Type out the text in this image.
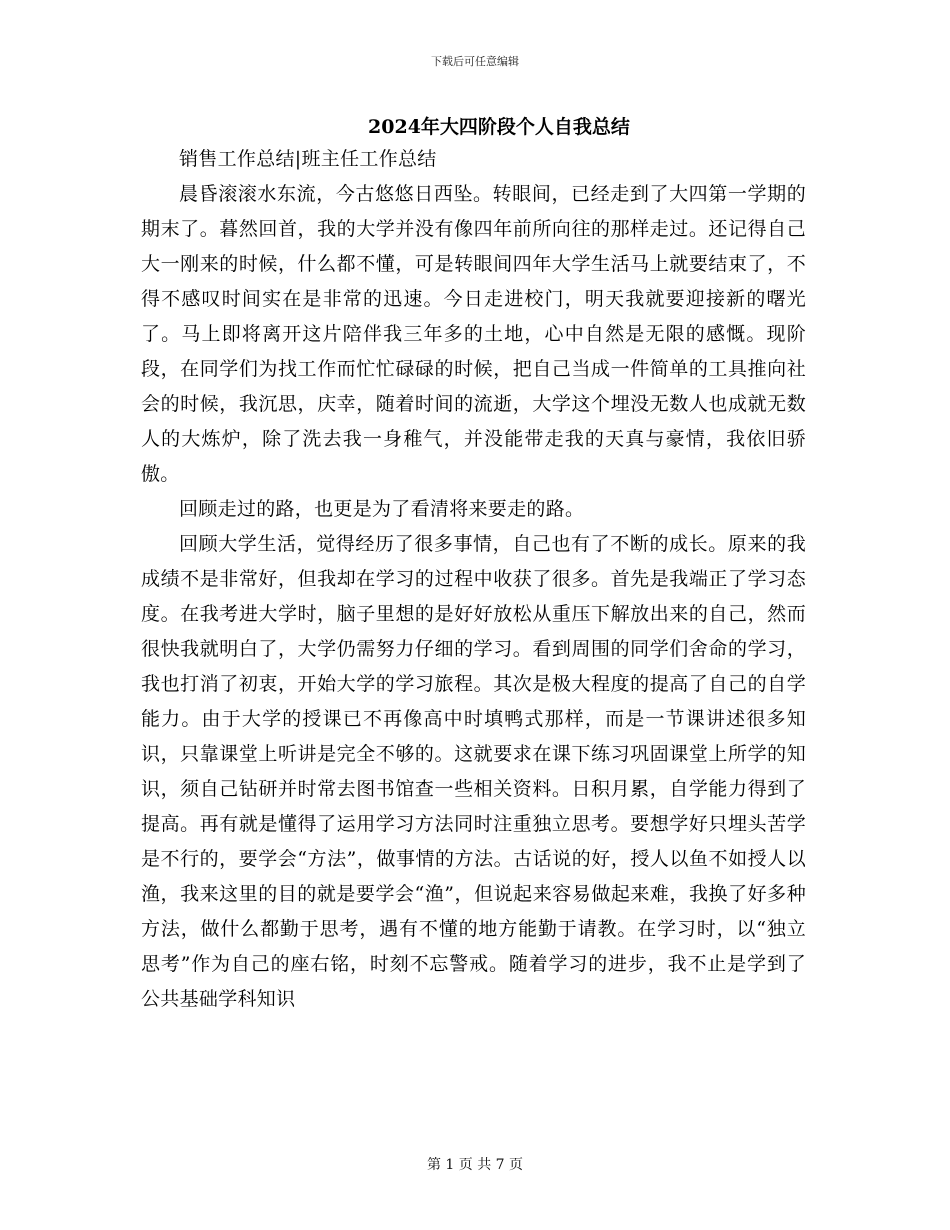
下载后可任意编辑
2024年大四阶段个人自我总结

销售工作总结|班主任工作总结

晨昏滚滚水东流，今古悠悠日西坠。转眼间，已经走到了大四第一学期的期末了。暮然回首，我的大学并没有像四年前所向往的那样走过。还记得自己大一刚来的时候，什么都不懂，可是转眼间四年大学生活马上就要结束了，不得不感叹时间实在是非常的迅速。今日走进校门，明天我就要迎接新的曙光了。马上即将离开这片陪伴我三年多的土地，心中自然是无限的感慨。现阶段，在同学们为找工作而忙忙碌碌的时候，把自己当成一件简单的工具推向社会的时候，我沉思，庆幸，随着时间的流逝，大学这个埋没无数人也成就无数人的大炼炉，除了洗去我一身稚气，并没能带走我的天真与豪情，我依旧骄傲。

回顾走过的路，也更是为了看清将来要走的路。

回顾大学生活，觉得经历了很多事情，自己也有了不断的成长。原来的我成绩不是非常好，但我却在学习的过程中收获了很多。首先是我端正了学习态度。在我考进大学时，脑子里想的是好好放松从重压下解放出来的自己，然而很快我就明白了，大学仍需努力仔细的学习。看到周围的同学们舍命的学习，我也打消了初衷，开始大学的学习旅程。其次是极大程度的提高了自己的自学能力。由于大学的授课已不再像高中时填鸭式那样，而是一节课讲述很多知识，只靠课堂上听讲是完全不够的。这就要求在课下练习巩固课堂上所学的知识，须自己钻研并时常去图书馆查一些相关资料。日积月累，自学能力得到了提高。再有就是懂得了运用学习方法同时注重独立思考。要想学好只埋头苦学是不行的，要学会“方法”，做事情的方法。古话说的好，授人以鱼不如授人以渔，我来这里的目的就是要学会“渔”，但说起来容易做起来难，我换了好多种方法，做什么都勤于思考，遇有不懂的地方能勤于请教。在学习时，以“独立思考”作为自己的座右铭，时刻不忘警戒。随着学习的进步，我不止是学到了公共基础学科知识

第 1 页 共 7 页
